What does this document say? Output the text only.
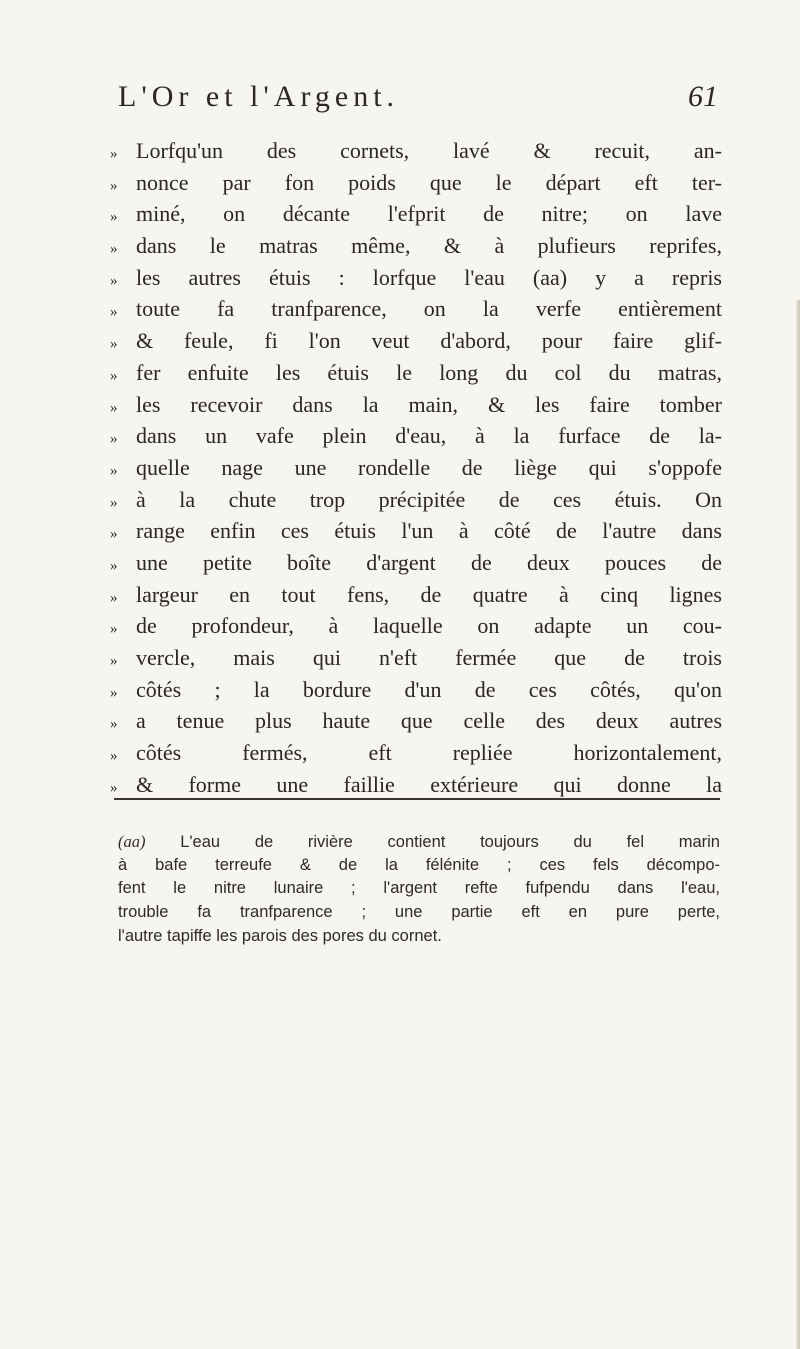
L'Or et l'Argent.	61
» Lorfqu'un des cornets, lavé & recuit, an-
» nonce par fon poids que le départ eft ter-
» miné, on décante l'efprit de nitre; on lave
» dans le matras même, & à plufieurs reprifes,
» les autres étuis : lorfque l'eau (aa) y a repris
» toute fa tranfparence, on la verfe entièrement
» & feule, fi l'on veut d'abord, pour faire glif-
» fer enfuite les étuis le long du col du matras,
» les recevoir dans la main, & les faire tomber
» dans un vafe plein d'eau, à la furface de la-
» quelle nage une rondelle de liège qui s'oppofe
» à la chute trop précipitée de ces étuis. On
» range enfin ces étuis l'un à côté de l'autre dans
» une petite boîte d'argent de deux pouces de
» largeur en tout fens, de quatre à cinq lignes
» de profondeur, à laquelle on adapte un cou-
» vercle, mais qui n'eft fermée que de trois
» côtés ; la bordure d'un de ces côtés, qu'on
» a tenue plus haute que celle des deux autres
» côtés fermés, eft repliée horizontalement,
» & forme une faillie extérieure qui donne la
(aa) L'eau de rivière contient toujours du fel marin
à bafe terreufe & de la félénite ; ces fels décompo-
fent le nitre lunaire ; l'argent refte fufpendu dans l'eau,
trouble fa tranfparence ; une partie eft en pure perte,
l'autre tapiffe les parois des pores du cornet.
